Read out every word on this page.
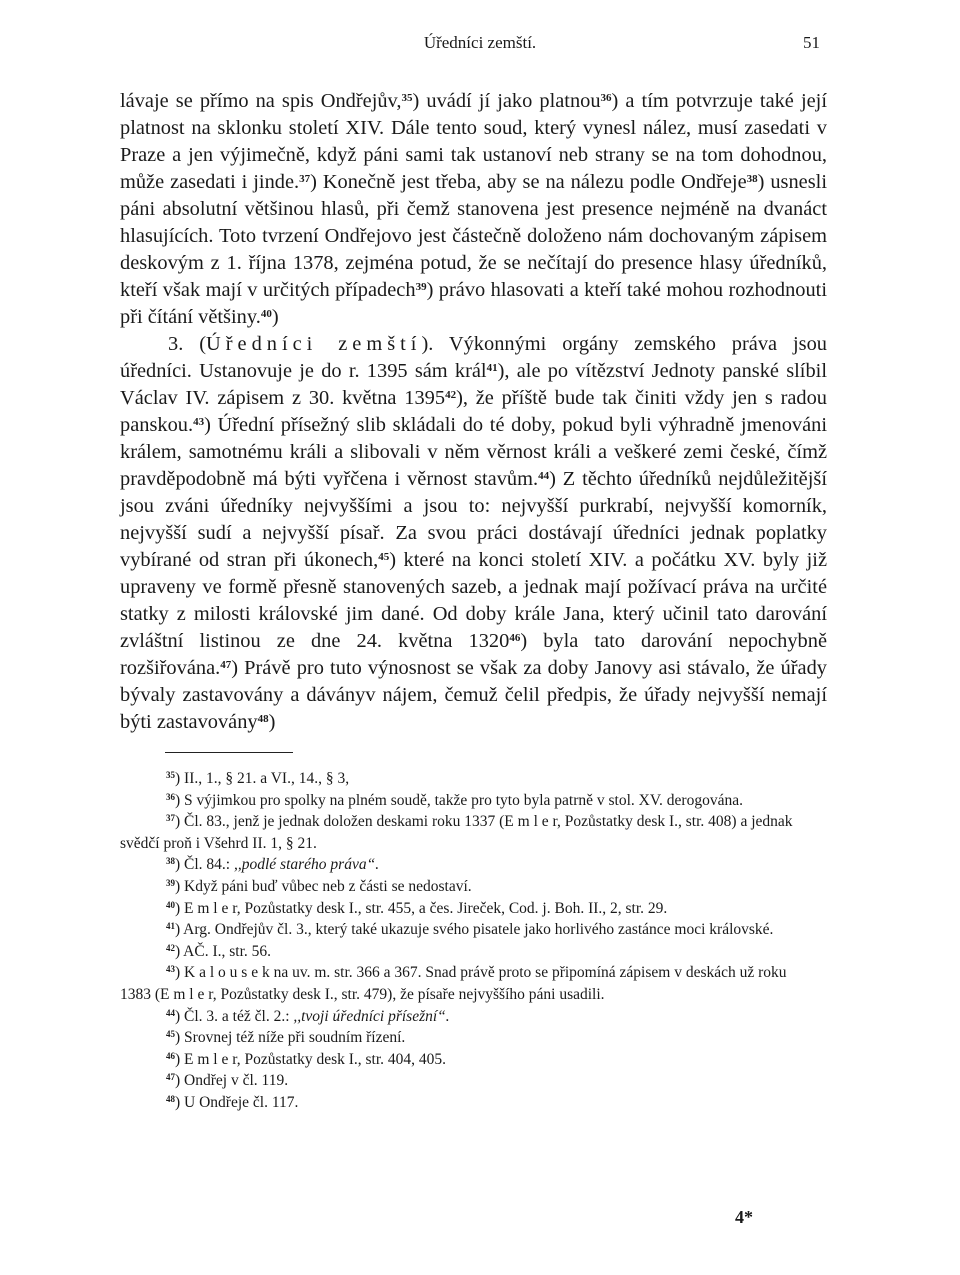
Úředníci zemští.	51

lávaje se přímo na spis Ondřejův,$^{35}$) uvádí jí jako platnou$^{36}$) a tím potvrzuje také její platnost na sklonku století XIV. Dále tento soud, který vynesl nález, musí zasedati v Praze a jen výjimečně, když páni sami tak ustanoví neb strany se na tom dohodnou, může zasedati i jinde.$^{37}$) Konečně jest třeba, aby se na nálezu podle Ondřeje$^{38}$) usnesli páni absolutní většinou hlasů, při čemž stanovena jest presence nejméně na dvanáct hlasujících. Toto tvrzení Ondřejovo jest částečně doloženo nám dochovaným zápisem deskovým z 1. října 1378, zejména potud, že se nečítají do presence hlasy úředníků, kteří však mají v určitých případech$^{39}$) právo hlasovati a kteří také mohou rozhodnouti při čítání většiny.$^{40}$)

3. (Úředníci zemští). Výkonnými orgány zemského práva jsou úředníci. Ustanovuje je do r. 1395 sám král$^{41}$), ale po vítězství Jednoty panské slíbil Václav IV. zápisem z 30. května 1395$^{42}$), že příště bude tak činiti vždy jen s radou panskou.$^{43}$) Úřední přísežný slib skládali do té doby, pokud byli výhradně jmenováni králem, samotnému králi a slibovali v něm věrnost králi a veškeré zemi české, čímž pravděpodobně má býti vyřčena i věrnost stavům.$^{44}$) Z těchto úředníků nejdůležitější jsou zváni úředníky nejvyššími a jsou to: nejvyšší purkrabí, nejvyšší komorník, nejvyšší sudí a nejvyšší písař. Za svou práci dostávají úředníci jednak poplatky vybírané od stran při úkonech,$^{45}$) které na konci století XIV. a počátku XV. byly již upraveny ve formě přesně stanovených sazeb, a jednak mají požívací práva na určité statky z milosti královské jim dané. Od doby krále Jana, který učinil tato darování zvláštní listinou ze dne 24. května 1320$^{46}$) byla tato darování nepochybně rozšiřována.$^{47}$) Právě pro tuto výnosnost se však za doby Janovy asi stávalo, že úřady bývaly zastavovány a dáványv nájem, čemuž čelil předpis, že úřady nejvyšší nemají býti zastavovány$^{48}$)

$^{35}$) II., 1., § 21. a VI., 14., § 3,

$^{36}$) S výjimkou pro spolky na plném soudě, takže pro tyto byla patrně v stol. XV. derogována.

$^{37}$) Čl. 83., jenž je jednak doložen deskami roku 1337 (E m l e r, Pozůstatky desk I., str. 408) a jednak svědčí proň i Všehrd II. 1, § 21.

$^{38}$) Čl. 84.: ,,podlé starého práva“.

$^{39}$) Když páni buď vůbec neb z části se nedostaví.

$^{40}$) E m l e r, Pozůstatky desk I., str. 455, a čes. Jireček, Cod. j. Boh. II., 2, str. 29.

$^{41}$) Arg. Ondřejův čl. 3., který také ukazuje svého pisatele jako horlivého zastánce moci královské.

$^{42}$) AČ. I., str. 56.

$^{43}$) K a l o u s e k na uv. m. str. 366 a 367. Snad právě proto se připomíná zápisem v deskách už roku 1383 (E m l e r, Pozůstatky desk I., str. 479), že písaře nejvyššího páni usadili.

$^{44}$) Čl. 3. a též čl. 2.: ,,tvoji úředníci přísežní“.

$^{45}$) Srovnej též níže při soudním řízení.

$^{46}$) E m l e r, Pozůstatky desk I., str. 404, 405.

$^{47}$) Ondřej v čl. 119.

$^{48}$) U Ondřeje čl. 117.

4*
